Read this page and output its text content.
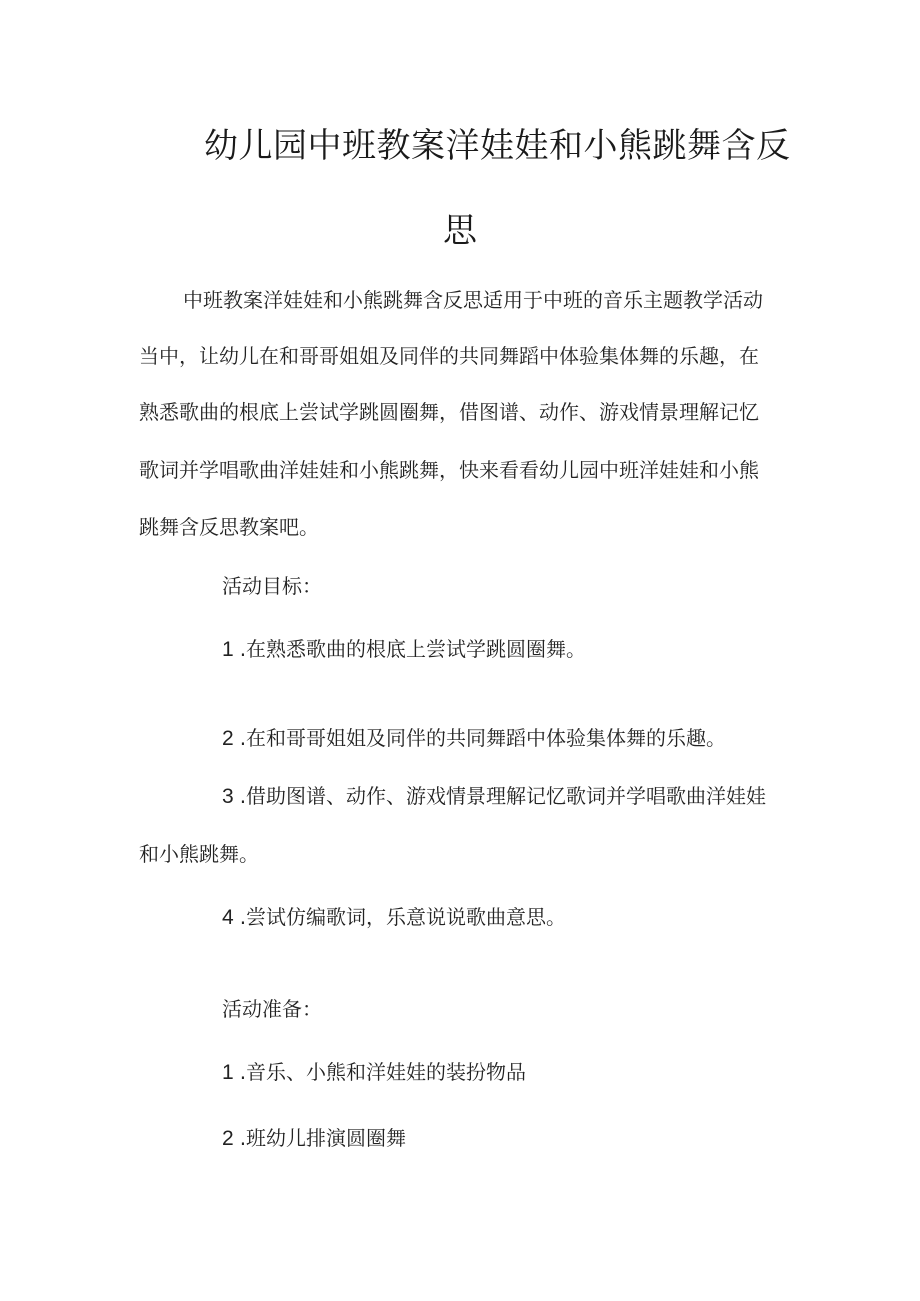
幼儿园中班教案洋娃娃和小熊跳舞含反
思

中班教案洋娃娃和小熊跳舞含反思适用于中班的音乐主题教学活动

当中，让幼儿在和哥哥姐姐及同伴的共同舞蹈中体验集体舞的乐趣，在

熟悉歌曲的根底上尝试学跳圆圈舞，借图谱、动作、游戏情景理解记忆

歌词并学唱歌曲洋娃娃和小熊跳舞，快来看看幼儿园中班洋娃娃和小熊

跳舞含反思教案吧。

活动目标：

1 .在熟悉歌曲的根底上尝试学跳圆圈舞。

2 .在和哥哥姐姐及同伴的共同舞蹈中体验集体舞的乐趣。

3 .借助图谱、动作、游戏情景理解记忆歌词并学唱歌曲洋娃娃

和小熊跳舞。

4 .尝试仿编歌词，乐意说说歌曲意思。

活动准备：

1 .音乐、小熊和洋娃娃的装扮物品

2 .班幼儿排演圆圈舞
